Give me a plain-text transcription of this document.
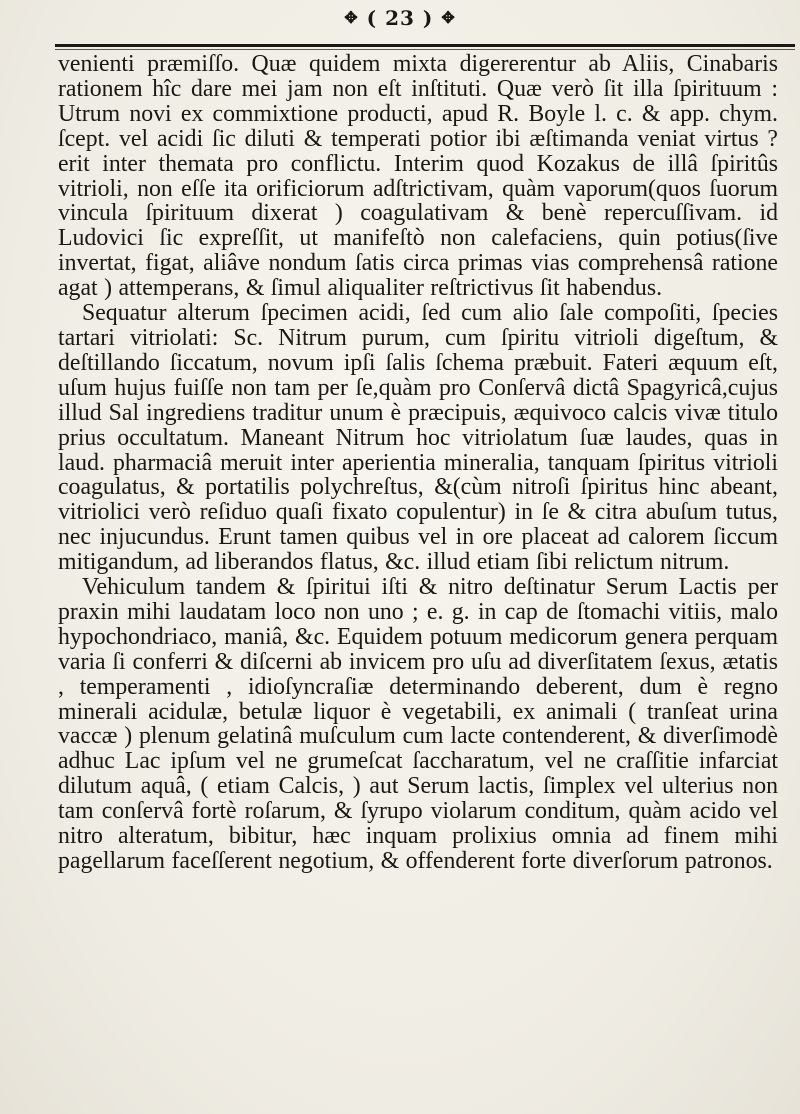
✥ ( 23 ) ✥

venienti præmiſſo. Quæ quidem mixta digererentur ab Aliis, Cinabaris rationem hîc dare mei jam non eſt inſtituti. Quæ verò ſit illa ſpirituum : Utrum novi ex commixtione producti, apud R. Boyle l. c. & app. chym. ſcept. vel acidi ſic diluti & temperati potior ibi æſtimanda veniat virtus ? erit inter themata pro conflictu. Interim quod Kozakus de illâ ſpiritûs vitrioli, non eſſe ita orificiorum adſtrictivam, quàm vaporum(quos ſuorum vincula ſpirituum dixerat ) coagulativam & benè repercuſſivam. id Ludovici ſic expreſſit, ut manifeſtò non calefaciens, quin potius(ſive invertat, figat, aliâve nondum ſatis circa primas vias comprehensâ ratione agat ) attemperans, & ſimul aliqualiter reſtrictivus ſit habendus.

Sequatur alterum ſpecimen acidi, ſed cum alio ſale compoſiti, ſpecies tartari vitriolati: Sc. Nitrum purum, cum ſpiritu vitrioli digeſtum, & deſtillando ſiccatum, novum ipſi ſalis ſchema præbuit. Fateri æquum eſt, uſum hujus fuiſſe non tam per ſe,quàm pro Conſervâ dictâ Spagyricâ,cujus illud Sal ingrediens traditur unum è præcipuis, æquivoco calcis vivæ titulo prius occultatum. Maneant Nitrum hoc vitriolatum ſuæ laudes, quas in laud. pharmaciâ meruit inter aperientia mineralia, tanquam ſpiritus vitrioli coagulatus, & portatilis polychreſtus, &(cùm nitroſi ſpiritus hinc abeant, vitriolici verò reſiduo quaſi fixato copulentur) in ſe & citra abuſum tutus, nec injucundus. Erunt tamen quibus vel in ore placeat ad calorem ſiccum mitigandum, ad liberandos flatus, &c. illud etiam ſibi relictum nitrum.

Vehiculum tandem & ſpiritui iſti & nitro deſtinatur Serum Lactis per praxin mihi laudatam loco non uno ; e. g. in cap de ſtomachi vitiis, malo hypochondriaco, maniâ, &c. Equidem potuum medicorum genera perquam varia ſi conferri & diſcerni ab invicem pro uſu ad diverſitatem ſexus, ætatis , temperamenti , idioſyncraſiæ determinando deberent, dum è regno minerali acidulæ, betulæ liquor è vegetabili, ex animali ( tranſeat urina vaccæ ) plenum gelatinâ muſculum cum lacte contenderent, & diverſimodè adhuc Lac ipſum vel ne grumeſcat ſaccharatum, vel ne craſſitie infarciat dilutum aquâ, ( etiam Calcis, ) aut Serum lactis, ſimplex vel ulterius non tam conſervâ fortè roſarum, & ſyrupo violarum conditum, quàm acido vel nitro alteratum, bibitur, hæc inquam prolixius omnia ad finem mihi pagellarum faceſſerent negotium, & offenderent forte diverſorum patronos.
